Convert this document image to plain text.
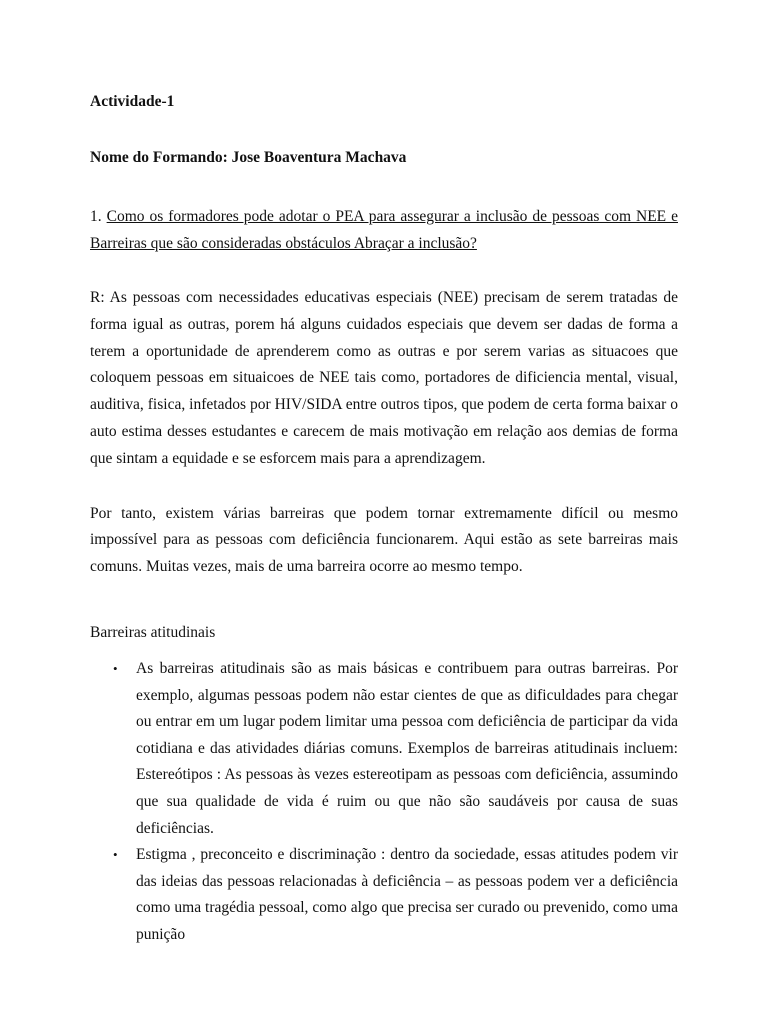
Actividade-1

Nome do Formando: Jose Boaventura Machava

1. Como os formadores pode adotar o PEA para assegurar a inclusão de pessoas com NEE e Barreiras que são consideradas obstáculos Abraçar a inclusão?

R: As pessoas com necessidades educativas especiais (NEE) precisam de serem tratadas de forma igual as outras, porem há alguns cuidados especiais que devem ser dadas de forma a terem a oportunidade de aprenderem como as outras e por serem varias as situacoes que coloquem pessoas em situaicoes de NEE tais como, portadores de dificiencia mental, visual, auditiva, fisica, infetados por HIV/SIDA entre outros tipos, que podem de certa forma baixar o auto estima desses estudantes e carecem de mais motivação em relação aos demias de forma que sintam a equidade e se esforcem mais para a aprendizagem.

Por tanto, existem várias barreiras que podem tornar extremamente difícil ou mesmo impossível para as pessoas com deficiência funcionarem. Aqui estão as sete barreiras mais comuns. Muitas vezes, mais de uma barreira ocorre ao mesmo tempo.

Barreiras atitudinais

• As barreiras atitudinais são as mais básicas e contribuem para outras barreiras. Por exemplo, algumas pessoas podem não estar cientes de que as dificuldades para chegar ou entrar em um lugar podem limitar uma pessoa com deficiência de participar da vida cotidiana e das atividades diárias comuns. Exemplos de barreiras atitudinais incluem: Estereótipos : As pessoas às vezes estereotipam as pessoas com deficiência, assumindo que sua qualidade de vida é ruim ou que não são saudáveis por causa de suas deficiências.
• Estigma , preconceito e discriminação : dentro da sociedade, essas atitudes podem vir das ideias das pessoas relacionadas à deficiência – as pessoas podem ver a deficiência como uma tragédia pessoal, como algo que precisa ser curado ou prevenido, como uma punição
